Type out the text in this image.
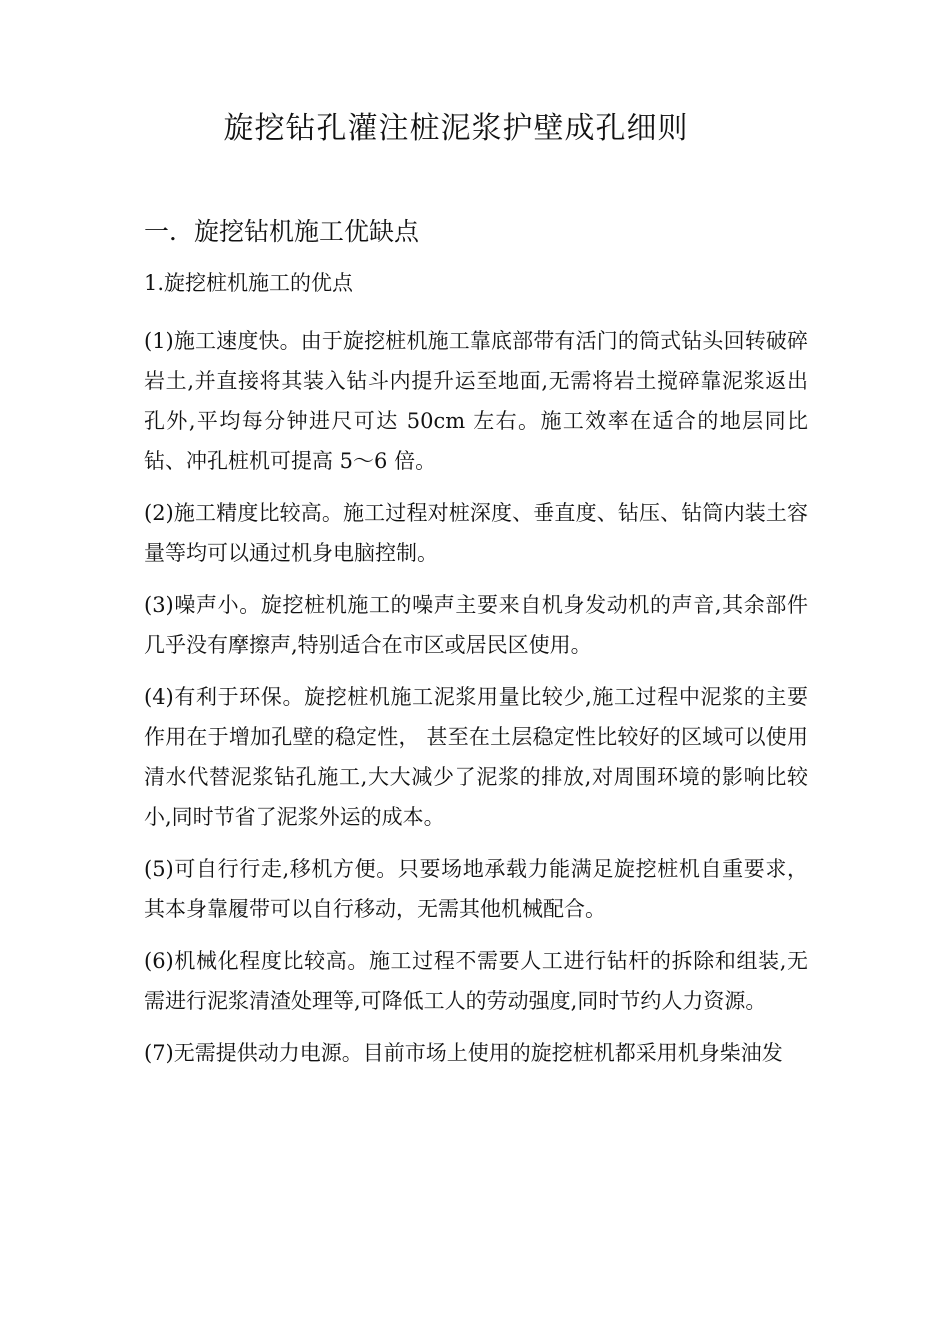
旋挖钻孔灌注桩泥浆护壁成孔细则
一．旋挖钻机施工优缺点
1.旋挖桩机施工的优点

(1)施工速度快。由于旋挖桩机施工靠底部带有活门的筒式钻头回转破碎岩土,并直接将其装入钻斗内提升运至地面,无需将岩土搅碎靠泥浆返出孔外,平均每分钟进尺可达 50cm 左右。施工效率在适合的地层同比钻、冲孔桩机可提高 5～6 倍。

(2)施工精度比较高。施工过程对桩深度、垂直度、钻压、钻筒内装土容量等均可以通过机身电脑控制。

(3)噪声小。旋挖桩机施工的噪声主要来自机身发动机的声音,其余部件几乎没有摩擦声,特别适合在市区或居民区使用。

(4)有利于环保。旋挖桩机施工泥浆用量比较少,施工过程中泥浆的主要作用在于增加孔壁的稳定性， 甚至在土层稳定性比较好的区域可以使用清水代替泥浆钻孔施工,大大减少了泥浆的排放,对周围环境的影响比较小,同时节省了泥浆外运的成本。

(5)可自行行走,移机方便。只要场地承载力能满足旋挖桩机自重要求， 其本身靠履带可以自行移动，无需其他机械配合。

(6)机械化程度比较高。施工过程不需要人工进行钻杆的拆除和组装,无需进行泥浆清渣处理等,可降低工人的劳动强度,同时节约人力资源。

(7)无需提供动力电源。目前市场上使用的旋挖桩机都采用机身柴油发
